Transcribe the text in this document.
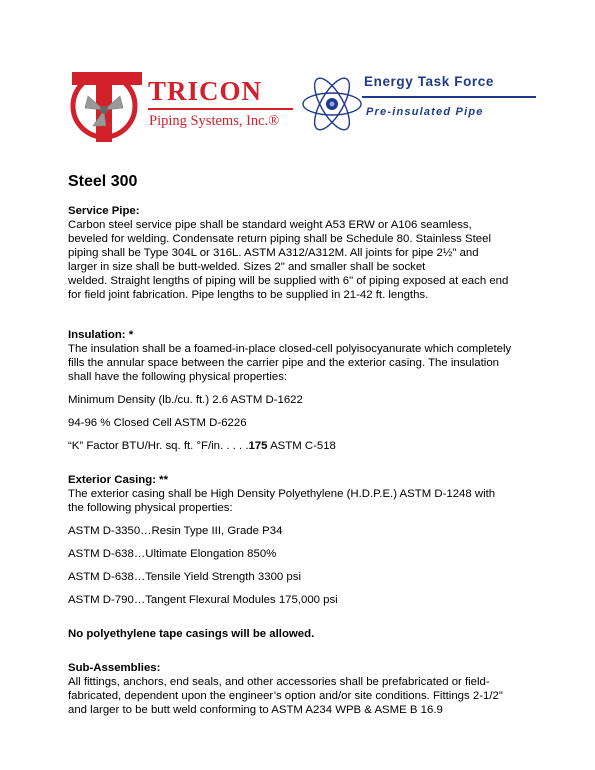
TRICON
Piping Systems, Inc.®
Energy Task Force
Pre-insulated Pipe
Steel 300

Service Pipe:

Carbon steel service pipe shall be standard weight A53 ERW or A106 seamless,

beveled for welding. Condensate return piping shall be Schedule 80. Stainless Steel

piping shall be Type 304L or 316L. ASTM A312/A312M. All joints for pipe 2½" and

larger in size shall be butt-welded. Sizes 2" and smaller shall be socket

welded. Straight lengths of piping will be supplied with 6" of piping exposed at each end

for field joint fabrication. Pipe lengths to be supplied in 21-42 ft. lengths.

Insulation: *

The insulation shall be a foamed-in-place closed-cell polyisocyanurate which completely

fills the annular space between the carrier pipe and the exterior casing. The insulation

shall have the following physical properties:

Minimum Density (lb./cu. ft.) 2.6 ASTM D-1622

94-96 % Closed Cell ASTM D-6226

“K” Factor BTU/Hr. sq. ft. °F/in. . . . .175 ASTM C-518

Exterior Casing: **

The exterior casing shall be High Density Polyethylene (H.D.P.E.) ASTM D-1248 with

the following physical properties:

ASTM D-3350…Resin Type III, Grade P34

ASTM D-638…Ultimate Elongation 850%

ASTM D-638…Tensile Yield Strength 3300 psi

ASTM D-790…Tangent Flexural Modules 175,000 psi

No polyethylene tape casings will be allowed.

Sub-Assemblies:

All fittings, anchors, end seals, and other accessories shall be prefabricated or field-

fabricated, dependent upon the engineer’s option and/or site conditions. Fittings 2-1/2"

and larger to be butt weld conforming to ASTM A234 WPB & ASME B 16.9
